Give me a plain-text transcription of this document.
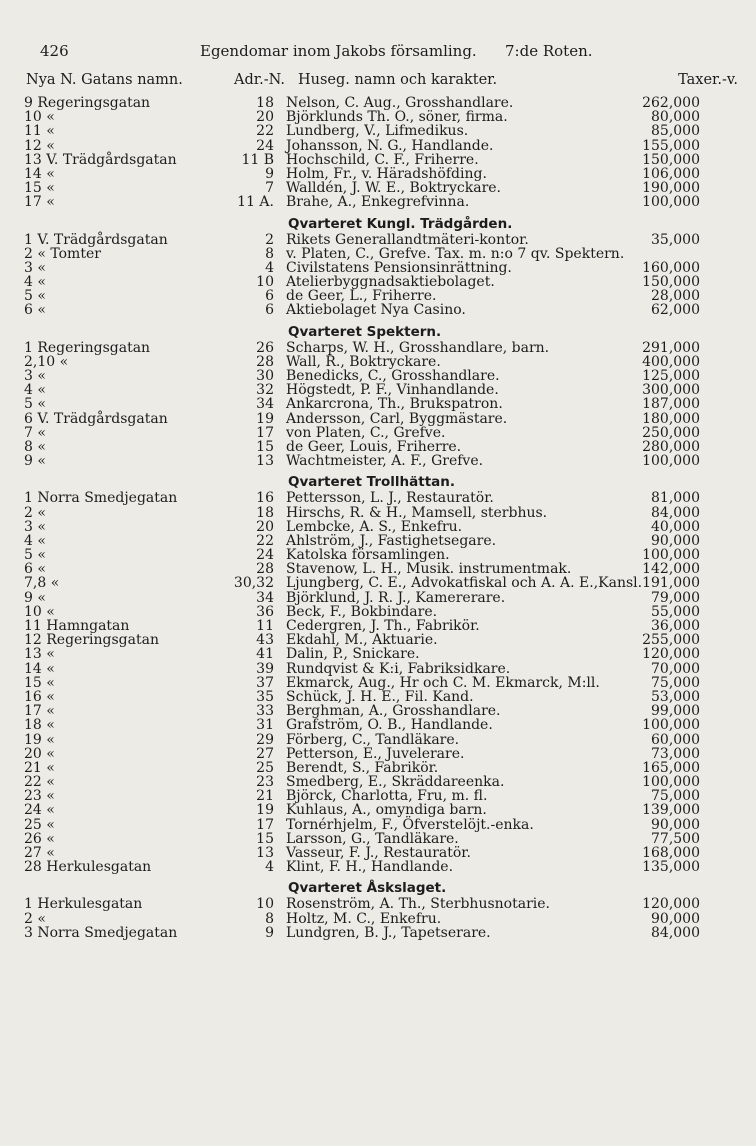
426	Egendomar inom Jakobs församling. 7:de Roten.
Nya N. Gatans namn.	Adr.-N. Huseg. namn och karakter.	Taxer.-v.
9 Regeringsgatan	18 Nelson, C. Aug., Grosshandlare.	262,000
10 «	20 Björklunds Th. O., söner, firma.	80,000
11 «	22 Lundberg, V., Lifmedikus.	85,000
12 «	24 Johansson, N. G., Handlande.	155,000
13 V. Trädgårdsgatan	11 B Hochschild, C. F., Friherre.	150,000
14 «	9 Holm, Fr., v. Häradshöfding.	106,000
15 «	7 Walldén, J. W. E., Boktryckare.	190,000
17 «	11 A. Brahe, A., Enkegrefvinna.	100,000
Qvarteret Kungl. Trädgården.
1 V. Trädgårdsgatan	2 Rikets Generallandtmäteri-kontor.	35,000
2 « Tomter	8 v. Platen, C., Grefve. Tax. m. n:o 7 qv. Spektern.
3 «	4 Civilstatens Pensionsinrättning.	160,000
4 «	10 Atelierbyggnadsaktiebolaget.	150,000
5 «	6 de Geer, L., Friherre.	28,000
6 «	6 Aktiebolaget Nya Casino.	62,000
Qvarteret Spektern.
1 Regeringsgatan	26 Scharps, W. H., Grosshandlare, barn.	291,000
2,10 «	28 Wall, R., Boktryckare.	400,000
3 «	30 Benedicks, C., Grosshandlare.	125,000
4 «	32 Högstedt, P. F., Vinhandlande.	300,000
5 «	34 Ankarcrona, Th., Brukspatron.	187,000
6 V. Trädgårdsgatan	19 Andersson, Carl, Byggmästare.	180,000
7 «	17 von Platen, C., Grefve.	250,000
8 «	15 de Geer, Louis, Friherre.	280,000
9 «	13 Wachtmeister, A. F., Grefve.	100,000
Qvarteret Trollhättan.
1 Norra Smedjegatan	16 Pettersson, L. J., Restauratör.	81,000
2 «	18 Hirschs, R. & H., Mamsell, sterbhus.	84,000
3 «	20 Lembcke, A. S., Enkefru.	40,000
4 «	22 Ahlström, J., Fastighetsegare.	90,000
5 «	24 Katolska församlingen.	100,000
6 «	28 Stavenow, L. H., Musik. instrumentmak.	142,000
7,8 «	30,32 Ljungberg, C. E., Advokatfiskal och A. A. E.,Kansl. 191,000
9 «	34 Björklund, J. R. J., Kamererare.	79,000
10 «	36 Beck, F., Bokbindare.	55,000
11 Hamngatan	11 Cedergren, J. Th., Fabrikör.	36,000
12 Regeringsgatan	43 Ekdahl, M., Aktuarie.	255,000
13 «	41 Dalin, P., Snickare.	120,000
14 «	39 Rundqvist & K:i, Fabriksidkare.	70,000
15 «	37 Ekmarck, Aug., Hr och C. M. Ekmarck, M:ll.	75,000
16 «	35 Schück, J. H. E., Fil. Kand.	53,000
17 «	33 Berghman, A., Grosshandlare.	99,000
18 «	31 Grafström, O. B., Handlande.	100,000
19 «	29 Förberg, C., Tandläkare.	60,000
20 «	27 Petterson, E., Juvelerare.	73,000
21 «	25 Berendt, S., Fabrikör.	165,000
22 «	23 Smedberg, E., Skräddareenka.	100,000
23 «	21 Björck, Charlotta, Fru, m. fl.	75,000
24 «	19 Kuhlaus, A., omyndiga barn.	139,000
25 «	17 Tornérhjelm, F., Öfverstelöjt.-enka.	90,000
26 «	15 Larsson, G., Tandläkare.	77,500
27 «	13 Vasseur, F. J., Restauratör.	168,000
28 Herkulesgatan	4 Klint, F. H., Handlande.	135,000
Qvarteret Åskslaget.
1 Herkulesgatan	10 Rosenström, A. Th., Sterbhusnotarie.	120,000
2 «	8 Holtz, M. C., Enkefru.	90,000
3 Norra Smedjegatan	9 Lundgren, B. J., Tapetserare.	84,000
